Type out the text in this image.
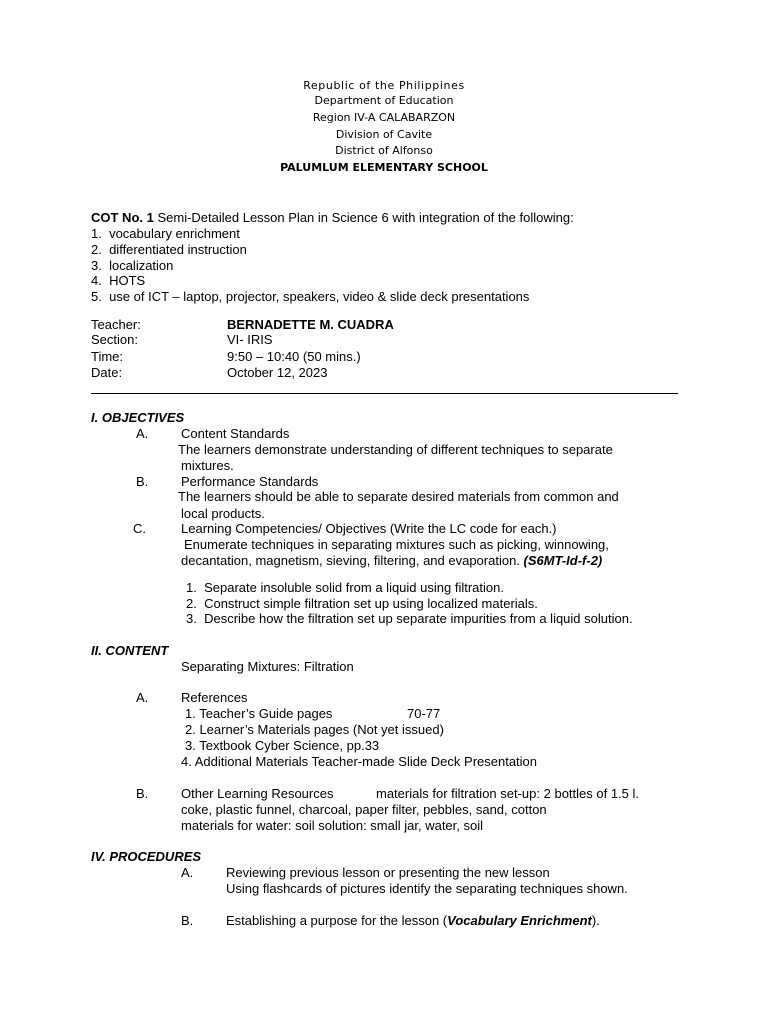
Republic of the Philippines
Department of Education
Region IV-A CALABARZON
Division of Cavite
District of Alfonso
PALUMLUM ELEMENTARY SCHOOL
COT No. 1 Semi-Detailed Lesson Plan in Science 6 with integration of the following:
1. vocabulary enrichment
2. differentiated instruction
3. localization
4. HOTS
5. use of ICT – laptop, projector, speakers, video & slide deck presentations
Teacher:	BERNADETTE M. CUADRA
Section:	VI- IRIS
Time:	9:50 – 10:40 (50 mins.)
Date:	October 12, 2023
I. OBJECTIVES
A.	Content Standards
The learners demonstrate understanding of different techniques to separate
mixtures.
B.	Performance Standards
The learners should be able to separate desired materials from common and
local products.
C.	Learning Competencies/ Objectives (Write the LC code for each.)
Enumerate techniques in separating mixtures such as picking, winnowing,
decantation, magnetism, sieving, filtering, and evaporation. (S6MT-Id-f-2)
1. Separate insoluble solid from a liquid using filtration.
2. Construct simple filtration set up using localized materials.
3. Describe how the filtration set up separate impurities from a liquid solution.
II. CONTENT
Separating Mixtures: Filtration
A.	References
1. Teacher’s Guide pages	70-77
2. Learner’s Materials pages (Not yet issued)
3. Textbook Cyber Science, pp.33
4. Additional Materials Teacher-made Slide Deck Presentation
B.	Other Learning Resources	materials for filtration set-up: 2 bottles of 1.5 l.
coke, plastic funnel, charcoal, paper filter, pebbles, sand, cotton
materials for water: soil solution: small jar, water, soil
IV. PROCEDURES
A.	Reviewing previous lesson or presenting the new lesson
Using flashcards of pictures identify the separating techniques shown.
B.	Establishing a purpose for the lesson (Vocabulary Enrichment).
